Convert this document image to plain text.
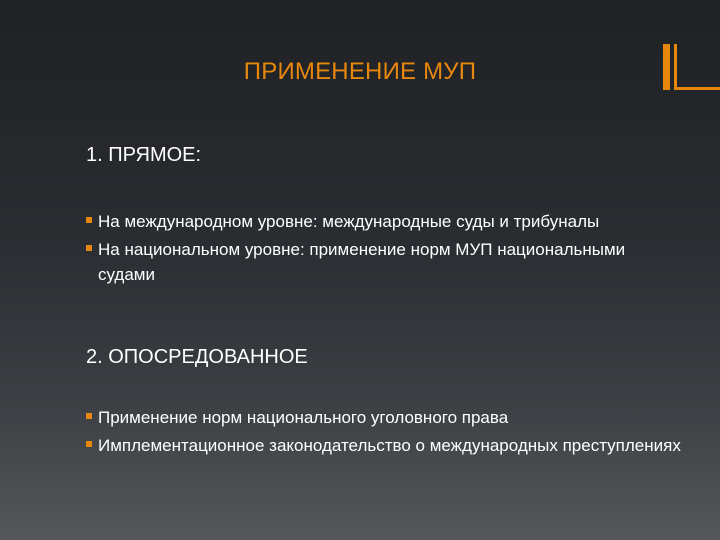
ПРИМЕНЕНИЕ МУП
1. ПРЯМОЕ:
На международном уровне: международные суды и трибуналы
На национальном уровне: применение норм МУП национальными судами
2. ОПОСРЕДОВАННОЕ
Применение норм национального уголовного права
Имплементационное законодательство о международных преступлениях
